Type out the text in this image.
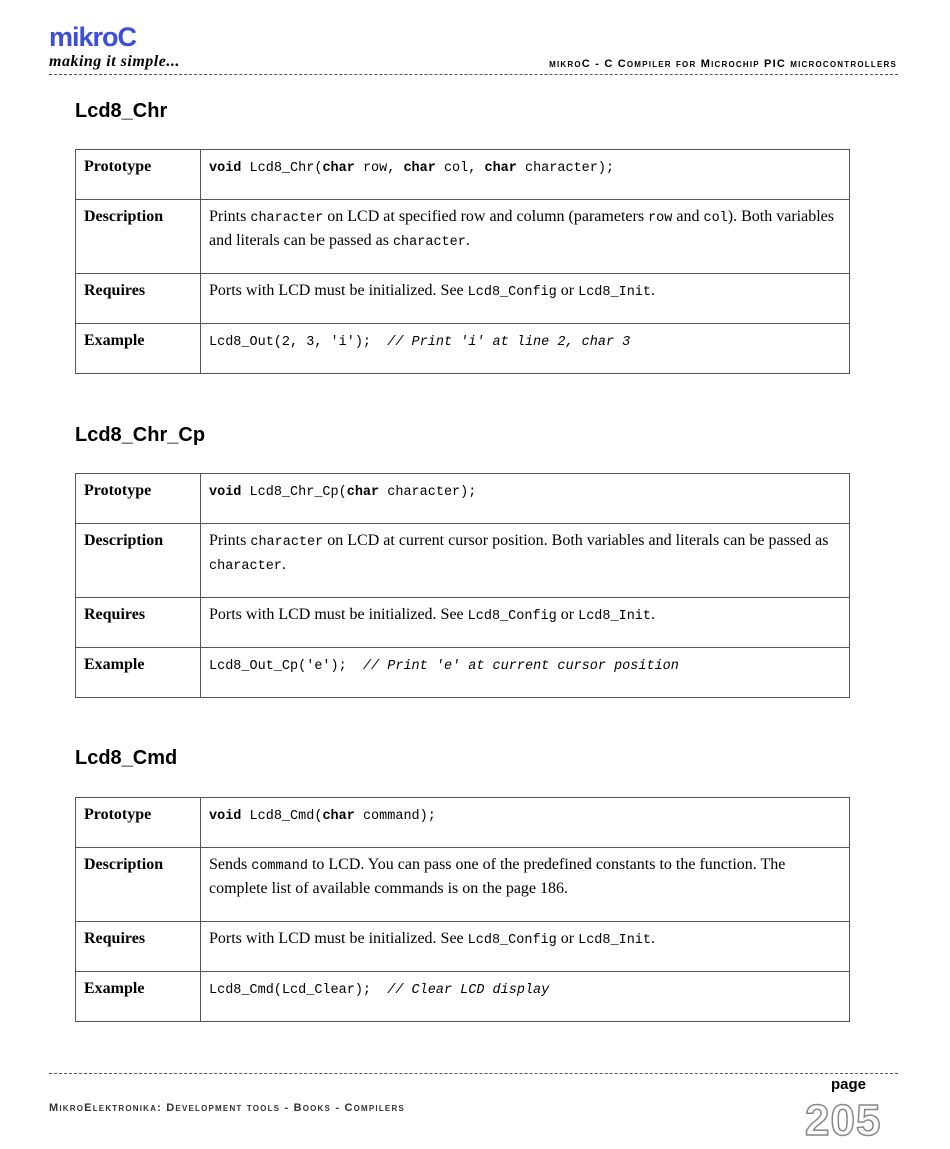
mikroC
making it simple...	mikroC - C Compiler for Microchip PIC microcontrollers
Lcd8_Chr
Prototype	void Lcd8_Chr(char row, char col, char character);
Description	Prints character on LCD at specified row and column (parameters row and col). Both variables and literals can be passed as character.
Requires	Ports with LCD must be initialized. See Lcd8_Config or Lcd8_Init.
Example	Lcd8_Out(2, 3, 'i');  // Print 'i' at line 2, char 3
Lcd8_Chr_Cp
Prototype	void Lcd8_Chr_Cp(char character);
Description	Prints character on LCD at current cursor position. Both variables and literals can be passed as character.
Requires	Ports with LCD must be initialized. See Lcd8_Config or Lcd8_Init.
Example	Lcd8_Out_Cp('e');  // Print 'e' at current cursor position
Lcd8_Cmd
Prototype	void Lcd8_Cmd(char command);
Description	Sends command to LCD. You can pass one of the predefined constants to the function. The complete list of available commands is on the page 186.
Requires	Ports with LCD must be initialized. See Lcd8_Config or Lcd8_Init.
Example	Lcd8_Cmd(Lcd_Clear);  // Clear LCD display
MikroElektronika: Development tools - Books - Compilers
page
205
